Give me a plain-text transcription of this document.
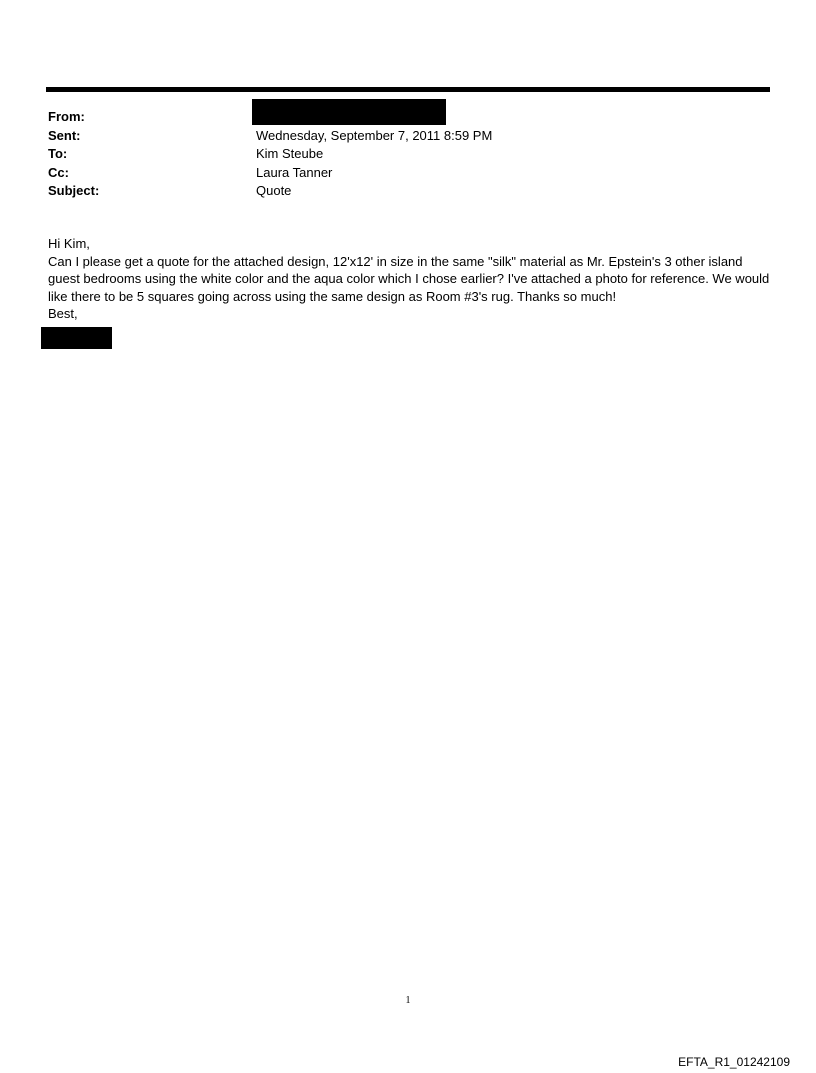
From:
Sent:	Wednesday, September 7, 2011 8:59 PM
To:	Kim Steube
Cc:	Laura Tanner
Subject:	Quote

Hi Kim,

Can I please get a quote for the attached design, 12'x12' in size in the same "silk" material as Mr. Epstein's 3 other island guest bedrooms using the white color and the aqua color which I chose earlier? I've attached a photo for reference. We would like there to be 5 squares going across using the same design as Room #3's rug. Thanks so much!

Best,

1
EFTA_R1_01242109
